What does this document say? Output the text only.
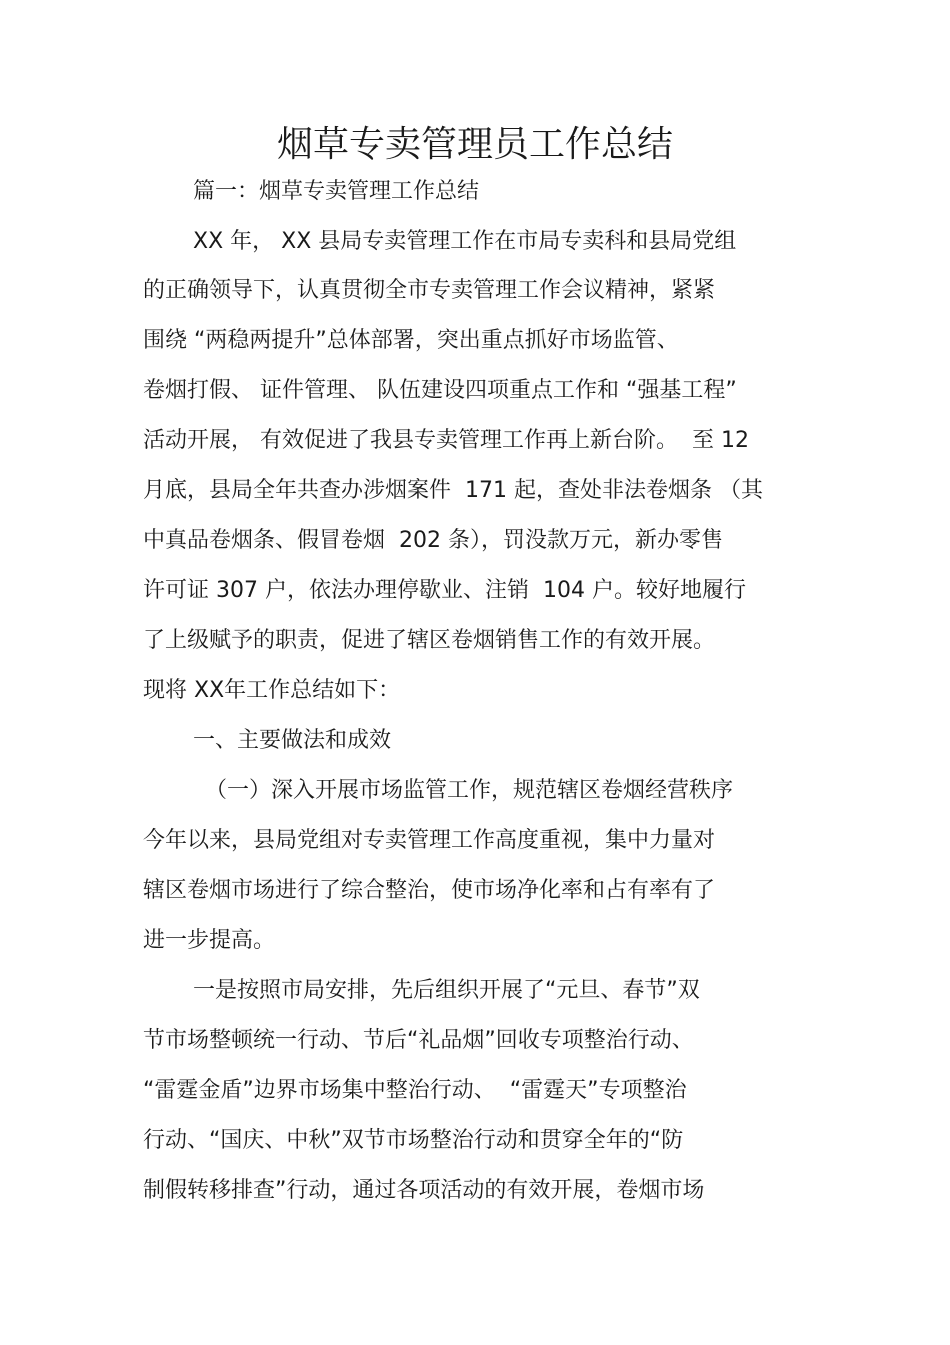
烟草专卖管理员工作总结

篇一：烟草专卖管理工作总结

XX 年， XX 县局专卖管理工作在市局专卖科和县局党组

的正确领导下，认真贯彻全市专卖管理工作会议精神，紧紧

围绕 “两稳两提升”总体部署，突出重点抓好市场监管、

卷烟打假、 证件管理、 队伍建设四项重点工作和 “强基工程”

活动开展， 有效促进了我县专卖管理工作再上新台阶。  至 12

月底，县局全年共查办涉烟案件  171 起，查处非法卷烟条 （其

中真品卷烟条、假冒卷烟  202 条），罚没款万元，新办零售

许可证 307 户，依法办理停歇业、注销  104 户。较好地履行

了上级赋予的职责，促进了辖区卷烟销售工作的有效开展。

现将 XX年工作总结如下：

一、主要做法和成效

（一）深入开展市场监管工作，规范辖区卷烟经营秩序

今年以来，县局党组对专卖管理工作高度重视，集中力量对

辖区卷烟市场进行了综合整治，使市场净化率和占有率有了

进一步提高。

一是按照市局安排，先后组织开展了“元旦、春节”双

节市场整顿统一行动、节后“礼品烟”回收专项整治行动、

“雷霆金盾”边界市场集中整治行动、  “雷霆天”专项整治

行动、“国庆、中秋”双节市场整治行动和贯穿全年的“防

制假转移排查”行动，通过各项活动的有效开展，卷烟市场
